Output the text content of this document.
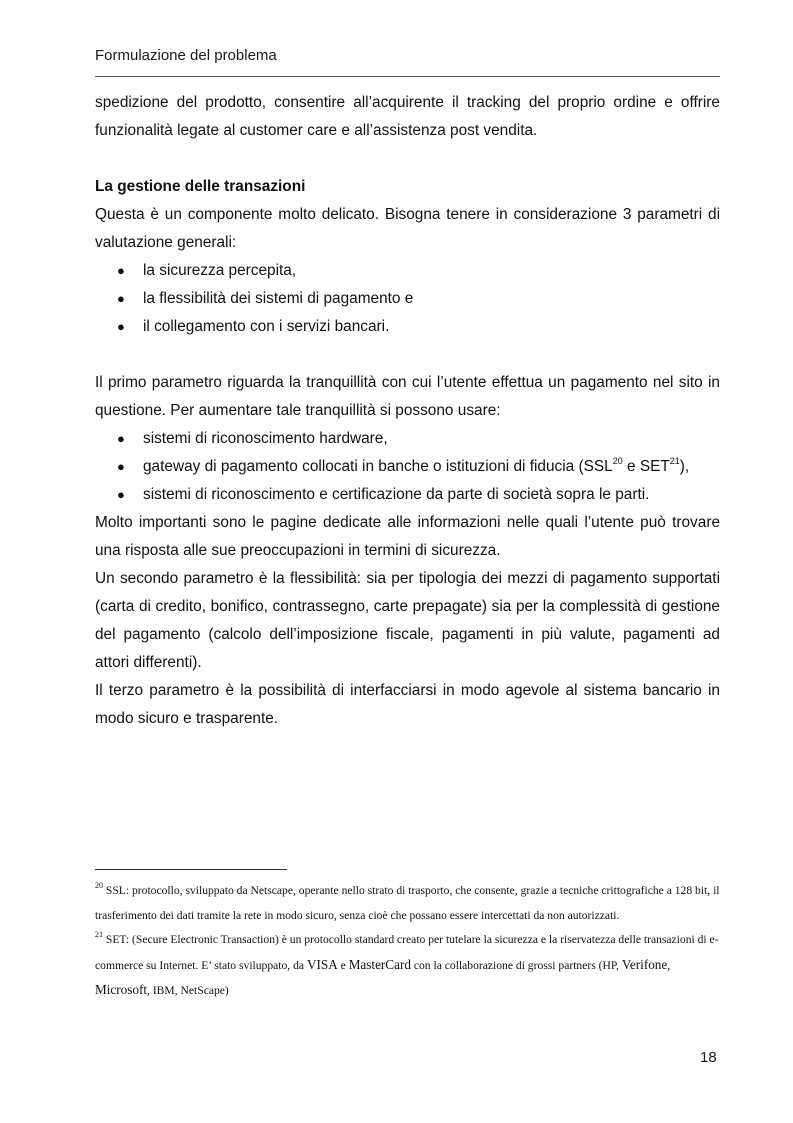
Formulazione del problema

spedizione del prodotto, consentire all’acquirente il tracking del proprio ordine e offrire funzionalità legate al customer care e all’assistenza post vendita.

La gestione delle transazioni

Questa è un componente molto delicato. Bisogna tenere in considerazione 3 parametri di valutazione generali:

● la sicurezza percepita,
● la flessibilità dei sistemi di pagamento e
● il collegamento con i servizi bancari.

Il primo parametro riguarda la tranquillità con cui l’utente effettua un pagamento nel sito in questione. Per aumentare tale tranquillità si possono usare:

● sistemi di riconoscimento hardware,
● gateway di pagamento collocati in banche o istituzioni di fiducia (SSL$^{20}$ e SET$^{21}$),
● sistemi di riconoscimento e certificazione da parte di società sopra le parti.

Molto importanti sono le pagine dedicate alle informazioni nelle quali l’utente può trovare una risposta alle sue preoccupazioni in termini di sicurezza.

Un secondo parametro è la flessibilità: sia per tipologia dei mezzi di pagamento supportati (carta di credito, bonifico, contrassegno, carte prepagate) sia per la complessità di gestione del pagamento (calcolo dell’imposizione fiscale, pagamenti in più valute, pagamenti ad attori differenti).

Il terzo parametro è la possibilità di interfacciarsi in modo agevole al sistema bancario in modo sicuro e trasparente.

$^{20}$ SSL: protocollo, sviluppato da Netscape, operante nello strato di trasporto, che consente, grazie a tecniche crittografiche a 128 bit, il trasferimento dei dati tramite la rete in modo sicuro, senza cioè che possano essere intercettati da non autorizzati.

$^{21}$ SET: (Secure Electronic Transaction) è un protocollo standard creato per tutelare la sicurezza e la riservatezza delle transazioni di e-commerce su Internet. E’ stato sviluppato, da VISA e MasterCard con la collaborazione di grossi partners (HP, Verifone, Microsoft, IBM, NetScape)

18
